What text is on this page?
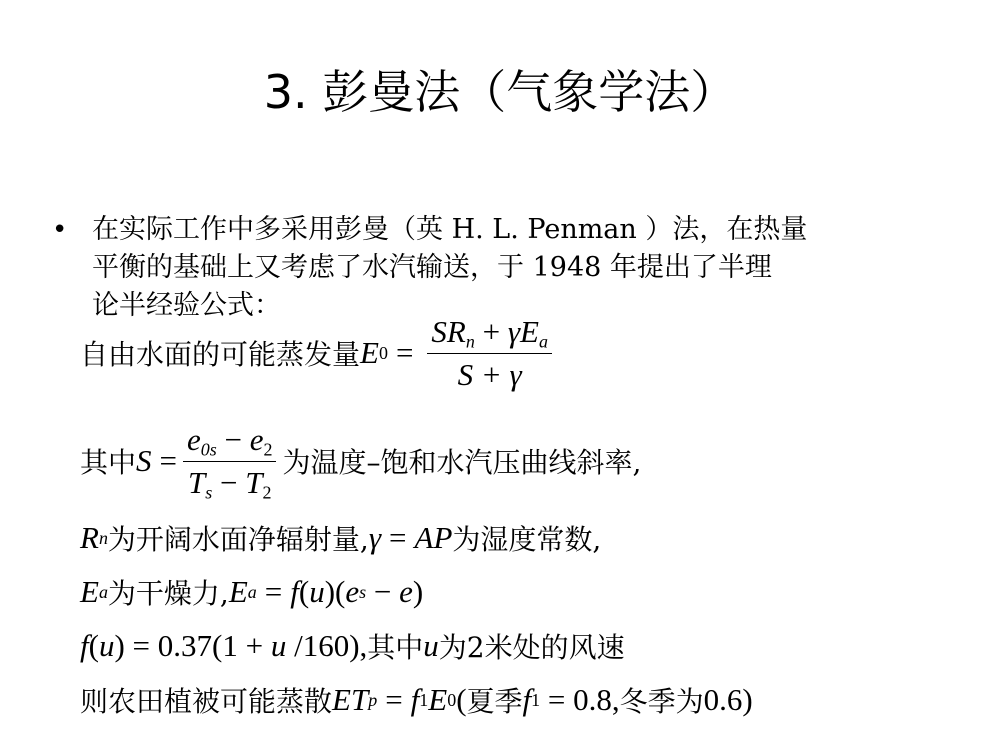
3. 彭曼法（气象学法）
• 在实际工作中多采用彭曼（英 H. L. Penman ）法，在热量
平衡的基础上又考虑了水汽输送，于 1948 年提出了半理
论半经验公式：
自由水面的可能蒸发量 E $0 = \frac{SR_n + \gamma E_a}{S + \gamma}$
其中 $S = \frac{e_{0s} - e_2}{T_s - T_2}$ 为温度–饱和水汽压曲线斜率,
R n 为开阔水面净辐射量, γ = AP 为湿度常数,
E a 为干燥力, E a = f ( u )( e s − e )
f ( u ) = 0.37(1 + u /160), 其中 u 为2米处的风速
则农田植被可能蒸散 ET p = f 1 E 0 ( 夏季 f 1 = 0.8, 冬季为 0.6)
